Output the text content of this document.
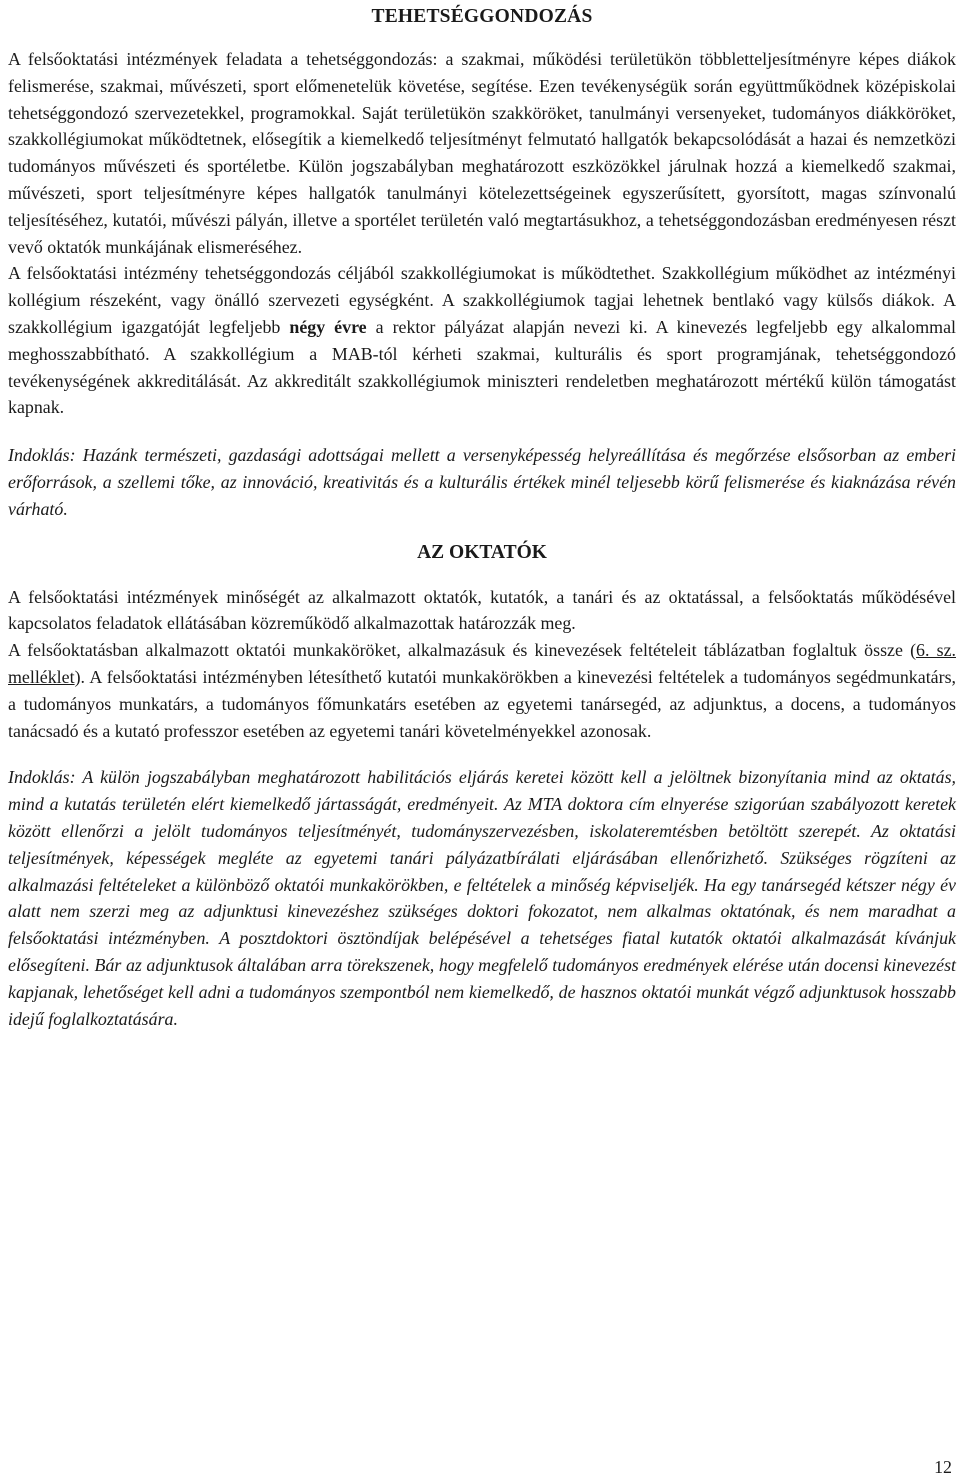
TEHETSÉGGONDOZÁS

A felsőoktatási intézmények feladata a tehetséggondozás: a szakmai, működési területükön többletteljesítményre képes diákok felismerése, szakmai, művészeti, sport előmenetelük követése, segítése. Ezen tevékenységük során együttműködnek középiskolai tehetséggondozó szervezetekkel, programokkal. Saját területükön szakköröket, tanulmányi versenyeket, tudományos diákköröket, szakkollégiumokat működtetnek, elősegítik a kiemelkedő teljesítményt felmutató hallgatók bekapcsolódását a hazai és nemzetközi tudományos művészeti és sportéletbe. Külön jogszabályban meghatározott eszközökkel járulnak hozzá a kiemelkedő szakmai, művészeti, sport teljesítményre képes hallgatók tanulmányi kötelezettségeinek egyszerűsített, gyorsított, magas színvonalú teljesítéséhez, kutatói, művészi pályán, illetve a sportélet területén való megtartásukhoz, a tehetséggondozásban eredményesen részt vevő oktatók munkájának elismeréséhez.

A felsőoktatási intézmény tehetséggondozás céljából szakkollégiumokat is működtethet. Szakkollégium működhet az intézményi kollégium részeként, vagy önálló szervezeti egységként. A szakkollégiumok tagjai lehetnek bentlakó vagy külsős diákok. A szakkollégium igazgatóját legfeljebb négy évre a rektor pályázat alapján nevezi ki. A kinevezés legfeljebb egy alkalommal meghosszabbítható. A szakkollégium a MAB-tól kérheti szakmai, kulturális és sport programjának, tehetséggondozó tevékenységének akkreditálását. Az akkreditált szakkollégiumok miniszteri rendeletben meghatározott mértékű külön támogatást kapnak.

Indoklás: Hazánk természeti, gazdasági adottságai mellett a versenyképesség helyreállítása és megőrzése elsősorban az emberi erőforrások, a szellemi tőke, az innováció, kreativitás és a kulturális értékek minél teljesebb körű felismerése és kiaknázása révén várható.

AZ OKTATÓK

A felsőoktatási intézmények minőségét az alkalmazott oktatók, kutatók, a tanári és az oktatással, a felsőoktatás működésével kapcsolatos feladatok ellátásában közreműködő alkalmazottak határozzák meg.

A felsőoktatásban alkalmazott oktatói munkaköröket, alkalmazásuk és kinevezések feltételeit táblázatban foglaltuk össze (6. sz. melléklet). A felsőoktatási intézményben létesíthető kutatói munkakörökben a kinevezési feltételek a tudományos segédmunkatárs, a tudományos munkatárs, a tudományos főmunkatárs esetében az egyetemi tanársegéd, az adjunktus, a docens, a tudományos tanácsadó és a kutató professzor esetében az egyetemi tanári követelményekkel azonosak.

Indoklás: A külön jogszabályban meghatározott habilitációs eljárás keretei között kell a jelöltnek bizonyítania mind az oktatás, mind a kutatás területén elért kiemelkedő jártasságát, eredményeit. Az MTA doktora cím elnyerése szigorúan szabályozott keretek között ellenőrzi a jelölt tudományos teljesítményét, tudományszervezésben, iskolateremtésben betöltött szerepét. Az oktatási teljesítmények, képességek megléte az egyetemi tanári pályázatbírálati eljárásában ellenőrizhető. Szükséges rögzíteni az alkalmazási feltételeket a különböző oktatói munkakörökben, e feltételek a minőség képviseljék. Ha egy tanársegéd kétszer négy év alatt nem szerzi meg az adjunktusi kinevezéshez szükséges doktori fokozatot, nem alkalmas oktatónak, és nem maradhat a felsőoktatási intézményben. A posztdoktori ösztöndíjak belépésével a tehetséges fiatal kutatók oktatói alkalmazását kívánjuk elősegíteni. Bár az adjunktusok általában arra törekszenek, hogy megfelelő tudományos eredmények elérése után docensi kinevezést kapjanak, lehetőséget kell adni a tudományos szempontból nem kiemelkedő, de hasznos oktatói munkát végző adjunktusok hosszabb idejű foglalkoztatására.

12
